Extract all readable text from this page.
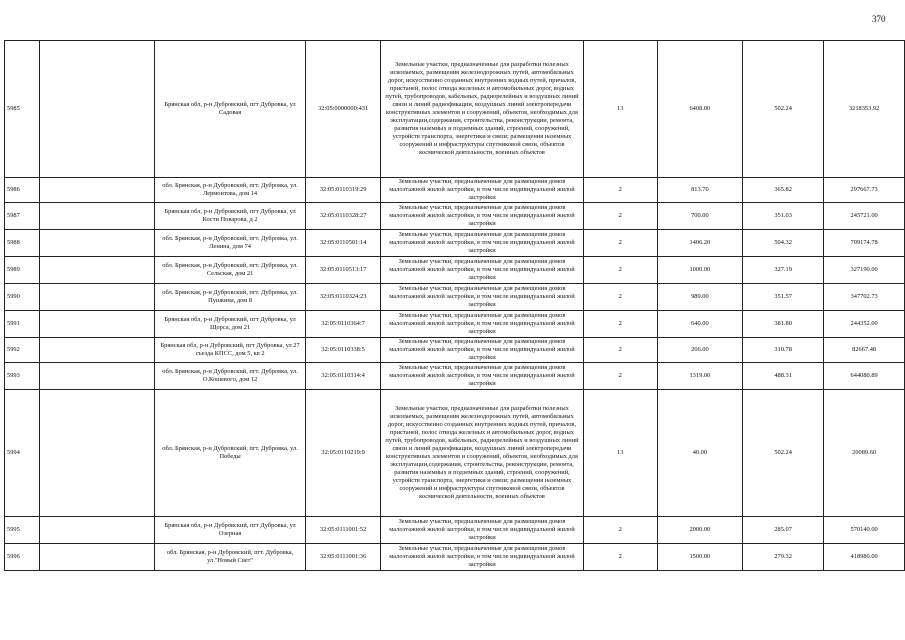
370
5985		Брянская обл, р-н Дубровский, пгт Дубровка, ул Садовая	32:05:0000000:431	Земельные участки, предназначенные для разработки полезных ископаемых, размещения железнодорожных путей, автомобильных дорог, искусственно созданных внутренних водных путей, причалов, пристаней, полос отвода железных и автомобильных дорог, водных путей, трубопроводов, кабельных, радиорелейных и воздушных линий связи и линий радиофикации, воздушных линий электропередачи конструктивных элементов и сооружений, объектов, необходимых для эксплуатации,содержания, строительства, реконструкции, ремонта, развития наземных и подземных зданий, строений, сооружений, устройств транспорта, энергетики и связи; размещения наземных сооружений и инфраструктуры спутниковой связи, объектов космической деятельности, военных объектов	13	6408.00	502.24	3218353.92
5986		обл. Брянская, р-н Дубровский, пгт. Дубровка, ул. Лермонтова, дом 14	32:05:0110319:29	Земельные участки, предназначенные для размещения домов малоэтажной жилой застройки, в том числе индивидуальной жилой застройки	2	813.70	365.82	297667.73
5987		Брянская обл, р-н Дубровский, пгт Дубровка, ул Кости Поварова, д 2	32:05:0110328:27	Земельные участки, предназначенные для размещения домов малоэтажной жилой застройки, в том числе индивидуальной жилой застройки	2	700.00	351.03	245721.00
5988		обл. Брянская, р-н Дубровский, пгт. Дубровка, ул. Ленина, дом 74	32:05:0110501:14	Земельные участки, предназначенные для размещения домов малоэтажной жилой застройки, в том числе индивидуальной жилой застройки	2	1406.20	504.32	709174.78
5989		обл. Брянская, р-н Дубровский, пгт. Дубровка, ул. Сельская, дом 21	32:05:0110513:17	Земельные участки, предназначенные для размещения домов малоэтажной жилой застройки, в том числе индивидуальной жилой застройки	2	1000.00	327.19	327190.00
5990		обл. Брянская, р-н Дубровский, пгт. Дубровка, ул. Пушкина, дом 8	32:05:0110324:23	Земельные участки, предназначенные для размещения домов малоэтажной жилой застройки, в том числе индивидуальной жилой застройки	2	989.00	351.57	347702.73
5991		Брянская обл, р-н Дубровский, пгт Дубровка, ул Щорса, дом 21	32:05:0110364:7	Земельные участки, предназначенные для размещения домов малоэтажной жилой застройки, в том числе индивидуальной жилой застройки	2	640.00	381.80	244352.00
5992		Брянская обл, р-н Дубровский, пгт Дубровка, ул 27 съезда КПСС, дом 5, кв 2	32:05:0110338:5	Земельные участки, предназначенные для размещения домов малоэтажной жилой застройки, в том числе индивидуальной жилой застройки	2	266.00	310.78	82667.48
5993		обл. Брянская, р-н Дубровский, пгт. Дубровка, ул. О.Кошевого, дом 12	32:05:0110314:4	Земельные участки, предназначенные для размещения домов малоэтажной жилой застройки, в том числе индивидуальной жилой застройки	2	1319.00	488.31	644080.89
5994		обл. Брянская, р-н Дубровский, пгт. Дубровка, ул. Победы	32:05:0110219:9	Земельные участки, предназначенные для разработки полезных ископаемых, размещения железнодорожных путей, автомобильных дорог, искусственно созданных внутренних водных путей, причалов, пристаней, полос отвода железных и автомобильных дорог, водных путей, трубопроводов, кабельных, радиорелейных и воздушных линий связи и линий радиофикации, воздушных линий электропередачи конструктивных элементов и сооружений, объектов, необходимых для эксплуатации,содержания, строительства, реконструкции, ремонта, развития наземных и подземных зданий, строений, сооружений, устройств транспорта, энергетики и связи; размещения наземных сооружений и инфраструктуры спутниковой связи, объектов космической деятельности, военных объектов	13	40.00	502.24	20089.60
5995		Брянская обл, р-н Дубровский, пгт Дубровка, ул Озерная	32:05:0111001:52	Земельные участки, предназначенные для размещения домов малоэтажной жилой застройки, в том числе индивидуальной жилой застройки	2	2000.00	285.07	570140.00
5996		обл. Брянская, р-н Дубровский, пгт. Дубровка, ул."Новый Свет"	32:05:0111001:36	Земельные участки, предназначенные для размещения домов малоэтажной жилой застройки, в том числе индивидуальной жилой застройки	2	1500.00	279.32	418980.00
